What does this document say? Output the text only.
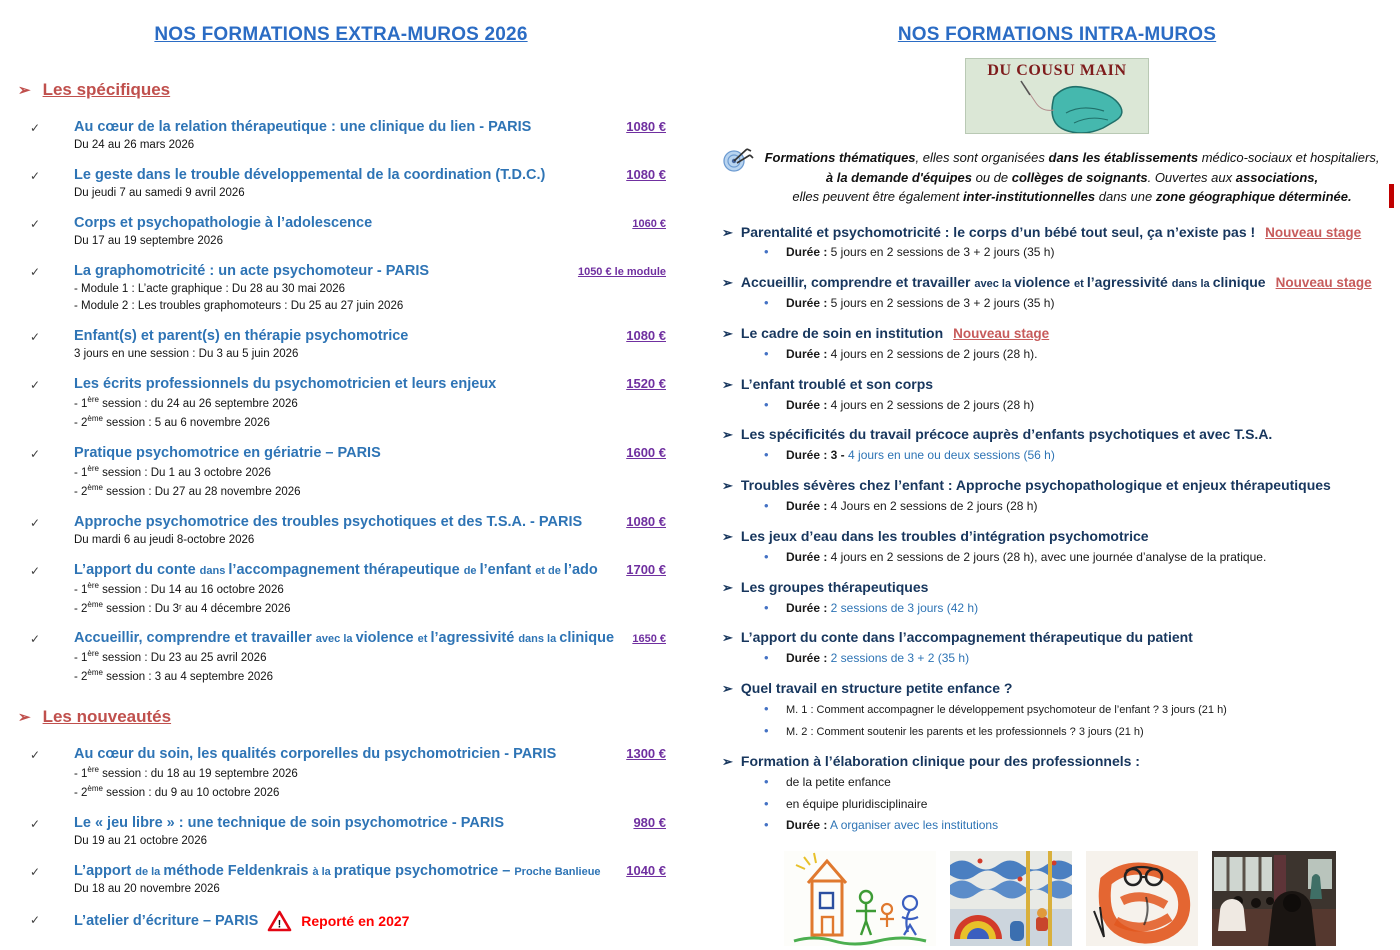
NOS FORMATIONS EXTRA-MUROS 2026
➢ Les spécifiques
✓	Au cœur de la relation thérapeutique : une clinique du lien - PARIS	1080 €
Du 24 au 26 mars 2026
✓	Le geste dans le trouble développemental de la coordination (T.D.C.)	1080 €
Du jeudi 7 au samedi 9 avril 2026
✓	Corps et psychopathologie à l’adolescence	1060 €
Du 17 au 19 septembre 2026
✓	La graphomotricité : un acte psychomoteur - PARIS	1050 € le module
- Module 1 : L’acte graphique : Du 28 au 30 mai 2026
- Module 2 : Les troubles graphomoteurs : Du 25 au 27 juin 2026
✓	Enfant(s) et parent(s) en thérapie psychomotrice	1080 €
3 jours en une session : Du 3 au 5 juin 2026
✓	Les écrits professionnels du psychomotricien et leurs enjeux	1520 €
- 1ère session : du 24 au 26 septembre 2026
- 2ème session : 5 au 6 novembre 2026
✓	Pratique psychomotrice en gériatrie – PARIS	1600 €
- 1ère session : Du 1 au 3 octobre 2026
- 2ème session : Du 27 au 28 novembre 2026
✓	Approche psychomotrice des troubles psychotiques et des T.S.A. - PARIS	1080 €
Du mardi 6 au jeudi 8-octobre 2026
✓	L’apport du conte dans l’accompagnement thérapeutique de l’enfant et de l’ado 1700 €
- 1ère session : Du 14 au 16 octobre 2026
- 2ème session : Du 3ʳ au 4 décembre 2026
✓	Accueillir, comprendre et travailler avec la violence et l’agressivité dans la clinique 1650 €
- 1ère session : Du 23 au 25 avril 2026
- 2ème session : 3 au 4 septembre 2026
➢ Les nouveautés
✓	Au cœur du soin, les qualités corporelles du psychomotricien - PARIS	1300 €
- 1ère session : du 18 au 19 septembre 2026
- 2ème session : du 9 au 10 octobre 2026
✓	Le « jeu libre » : une technique de soin psychomotrice - PARIS	980 €
Du 19 au 21 octobre 2026
✓	L’apport de la méthode Feldenkrais à la pratique psychomotrice – Proche Banlieue 1040 €
Du 18 au 20 novembre 2026
✓	L’atelier d’écriture – PARIS ! Reporté en 2027
NOS FORMATIONS INTRA-MUROS
DU COUSU MAIN
Formations thématiques, elles sont organisées dans les établissements médico-sociaux et hospitaliers,
à la demande d'équipes ou de collèges de soignants. Ouvertes aux associations,
elles peuvent être également inter-institutionnelles dans une zone géographique déterminée.
➢ Parentalité et psychomotricité : le corps d’un bébé tout seul, ça n’existe pas ! Nouveau stage
•	Durée : 5 jours en 2 sessions de 3 + 2 jours (35 h)
➢ Accueillir, comprendre et travailler avec la violence et l’agressivité dans la clinique Nouveau stage
•	Durée : 5 jours en 2 sessions de 3 + 2 jours (35 h)
➢ Le cadre de soin en institution Nouveau stage
•	Durée : 4 jours en 2 sessions de 2 jours (28 h).
➢ L’enfant troublé et son corps
•	Durée : 4 jours en 2 sessions de 2 jours (28 h)
➢ Les spécificités du travail précoce auprès d’enfants psychotiques et avec T.S.A.
•	Durée : 3 - 4 jours en une ou deux sessions (56 h)
➢ Troubles sévères chez l’enfant : Approche psychopathologique et enjeux thérapeutiques
•	Durée : 4 Jours en 2 sessions de 2 jours (28 h)
➢ Les jeux d’eau dans les troubles d’intégration psychomotrice
•	Durée : 4 jours en 2 sessions de 2 jours (28 h), avec une journée d’analyse de la pratique.
➢ Les groupes thérapeutiques
•	Durée : 2 sessions de 3 jours (42 h)
➢ L’apport du conte dans l’accompagnement thérapeutique du patient
•	Durée : 2 sessions de 3 + 2 (35 h)
➢ Quel travail en structure petite enfance ?
•	M. 1 : Comment accompagner le développement psychomoteur de l’enfant ? 3 jours (21 h)
•	M. 2 : Comment soutenir les parents et les professionnels ? 3 jours (21 h)
➢ Formation à l’élaboration clinique pour des professionnels :
•	de la petite enfance
•	en équipe pluridisciplinaire
•	Durée : A organiser avec les institutions
